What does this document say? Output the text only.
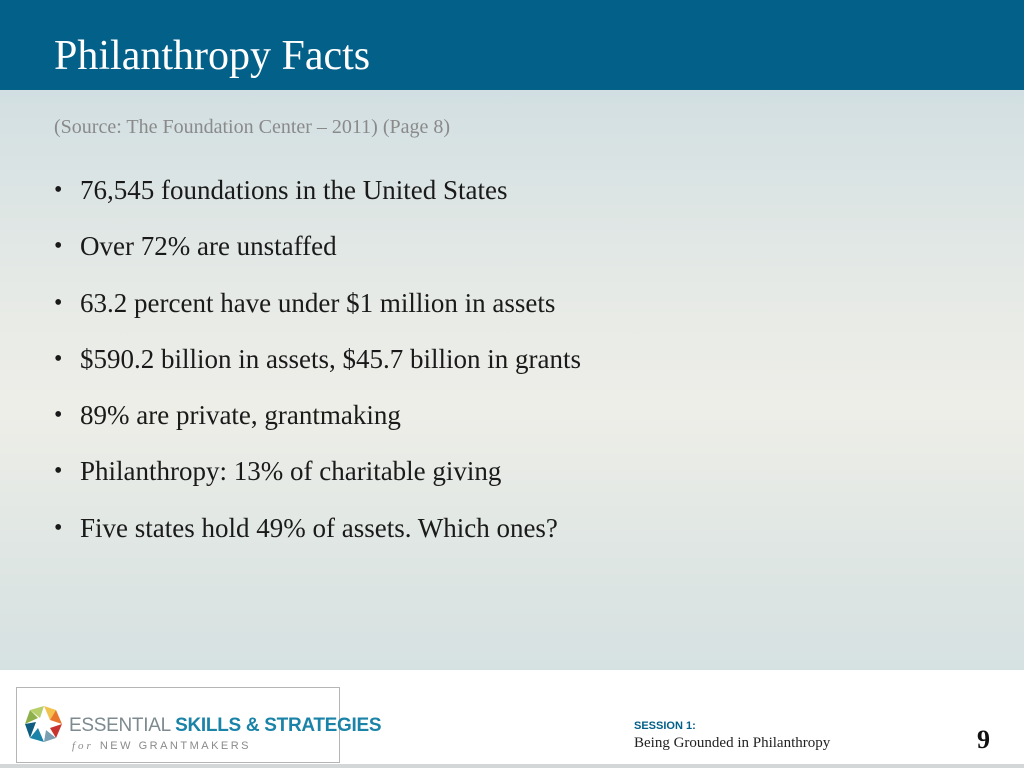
Philanthropy Facts

(Source: The Foundation Center – 2011) (Page 8)

• 76,545 foundations in the United States
• Over 72% are unstaffed
• 63.2 percent have under $1 million in assets
• $590.2 billion in assets, $45.7 billion in grants
• 89% are private, grantmaking
• Philanthropy: 13% of charitable giving
• Five states hold 49% of assets. Which ones?
ESSENTIAL SKILLS & STRATEGIES
for NEW GRANTMAKERS
SESSION 1:
Being Grounded in Philanthropy	9
